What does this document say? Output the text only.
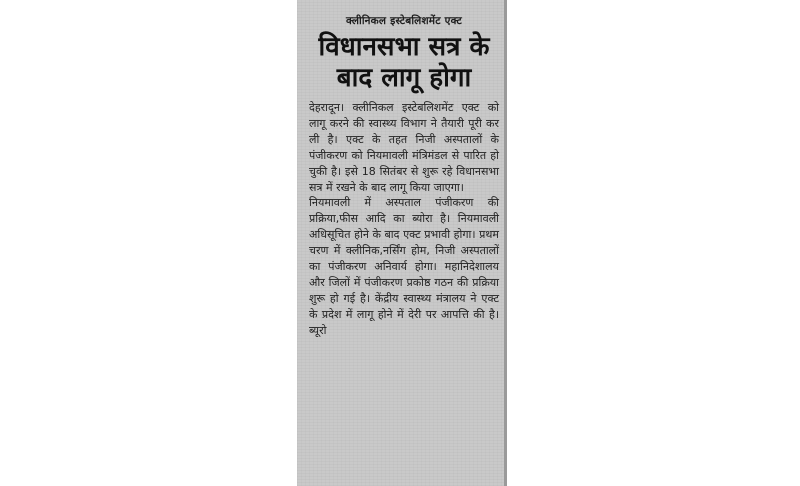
क्लीनिकल इस्टेबलिशमेंट एक्ट
विधानसभा सत्र के
बाद लागू होगा
देहरादून। क्लीनिकल इस्टेबलिशमेंट एक्ट को लागू करने की स्वास्थ्य विभाग ने तैयारी पूरी कर ली है। एक्ट के तहत निजी अस्पतालों के पंजीकरण को नियमावली मंत्रिमंडल से पारित हो चुकी है। इसे 18 सितंबर से शुरू रहे विधानसभा सत्र में रखने के बाद लागू किया जाएगा।
नियमावली में अस्पताल पंजीकरण की प्रक्रिया,फीस आदि का ब्योरा है। नियमावली अधिसूचित होने के बाद एक्ट प्रभावी होगा। प्रथम चरण में क्लीनिक,नर्सिंग होम, निजी अस्पतालों का पंजीकरण अनिवार्य होगा। महानिदेशालय और जिलों में पंजीकरण प्रकोष्ठ गठन की प्रक्रिया शुरू हो गई है। केंद्रीय स्वास्थ्य मंत्रालय ने एक्ट के प्रदेश में लागू होने में देरी पर आपत्ति की है। ब्यूरो
